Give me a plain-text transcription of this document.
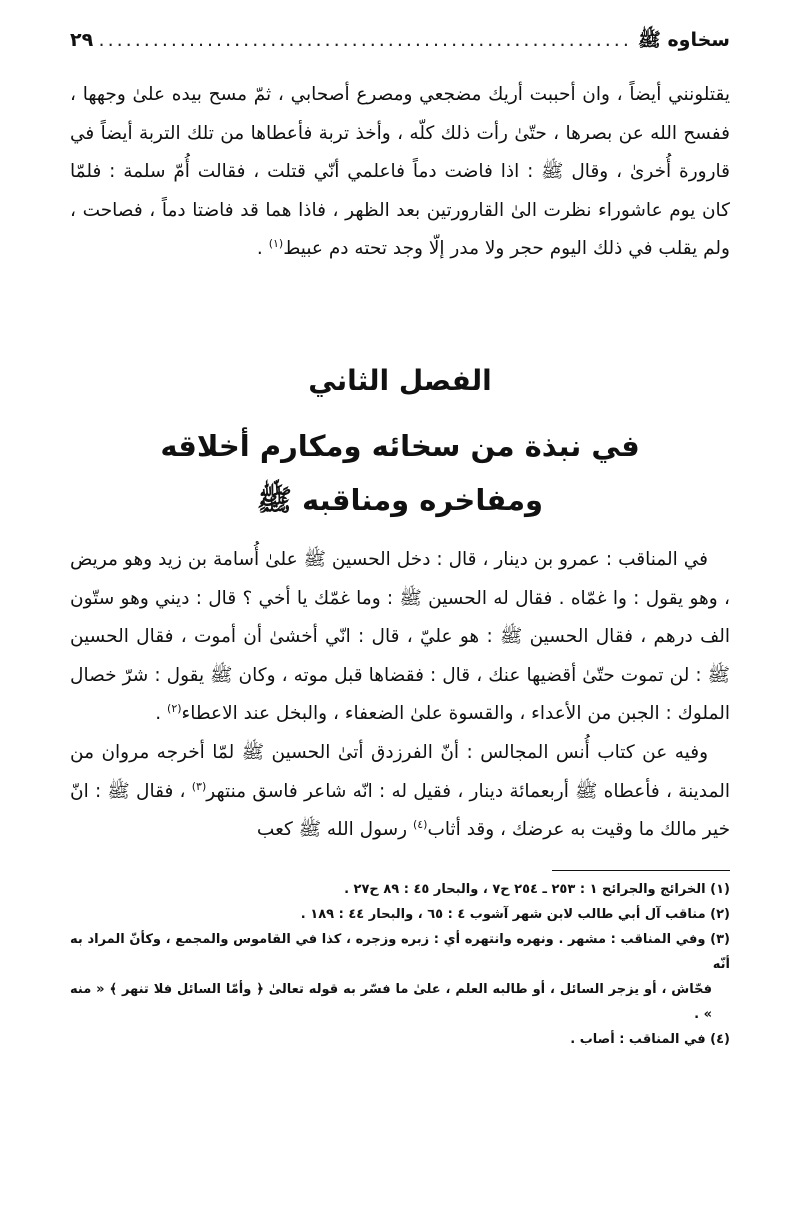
سخاوه ﷺ
.....
٢٩

يقتلونني أيضاً ، وان أحببت أريك مضجعي ومصرع أصحابي ، ثمّ مسح بيده علىٰ وجهها ، ففسح الله عن بصرها ، حتّىٰ رأت ذلك كلّه ، وأخذ تربة فأعطاها من تلك التربة أيضاً في قارورة أُخرىٰ ، وقال ﷺ : اذا فاضت دماً فاعلمي أنّي قتلت ، فقالت أُمّ سلمة : فلمّا كان يوم عاشوراء نظرت الىٰ القارورتين بعد الظهر ، فاذا هما قد فاضتا دماً ، فصاحت ، ولم يقلب في ذلك اليوم حجر ولا مدر إلّا وجد تحته دم عبيط$^{(١)}$ .

الفصل الثاني
في نبذة من سخائه ومكارم أخلاقه
ومفاخره ومناقبه ﷺ

في المناقب : عمرو بن دينار ، قال : دخل الحسين ﷺ علىٰ أُسامة بن زيد وهو مريض ، وهو يقول : وا غمّاه . فقال له الحسين ﷺ : وما غمّك يا أخي ؟ قال : ديني وهو ستّون الف درهم ، فقال الحسين ﷺ : هو عليّ ، قال : انّي أخشىٰ أن أموت ، فقال الحسين ﷺ : لن تموت حتّىٰ أقضيها عنك ، قال : فقضاها قبل موته ، وكان ﷺ يقول : شرّ خصال الملوك : الجبن من الأعداء ، والقسوة علىٰ الضعفاء ، والبخل عند الاعطاء$^{(٢)}$ .

وفيه عن كتاب أُنس المجالس : أنّ الفرزدق أتىٰ الحسين ﷺ لمّا أخرجه مروان من المدينة ، فأعطاه ﷺ أربعمائة دينار ، فقيل له : انّه شاعر فاسق منتهر$^{(٣)}$ ، فقال ﷺ : انّ خير مالك ما وقيت به عرضك ، وقد أثاب$^{(٤)}$ رسول الله ﷺ كعب

(١) الخرائج والجرائح ١ : ٢٥٣ ـ ٢٥٤ ح٧ ، والبحار ٤٥ : ٨٩ ح٢٧ .

(٢) مناقب آل أبي طالب لابن شهر آشوب ٤ : ٦٥ ، والبحار ٤٤ : ١٨٩ .

(٣) وفي المناقب : مشهر . ونهره وانتهره أي : زبره وزجره ، كذا في القاموس والمجمع ، وكأنّ المراد به أنّه

فحّاش ، أو يزجر السائل ، أو طالبه العلم ، علىٰ ما فسّر به قوله تعالىٰ ﴿ وأمّا السائل فلا تنهر ﴾ « منه » .

(٤) في المناقب : أصاب .
